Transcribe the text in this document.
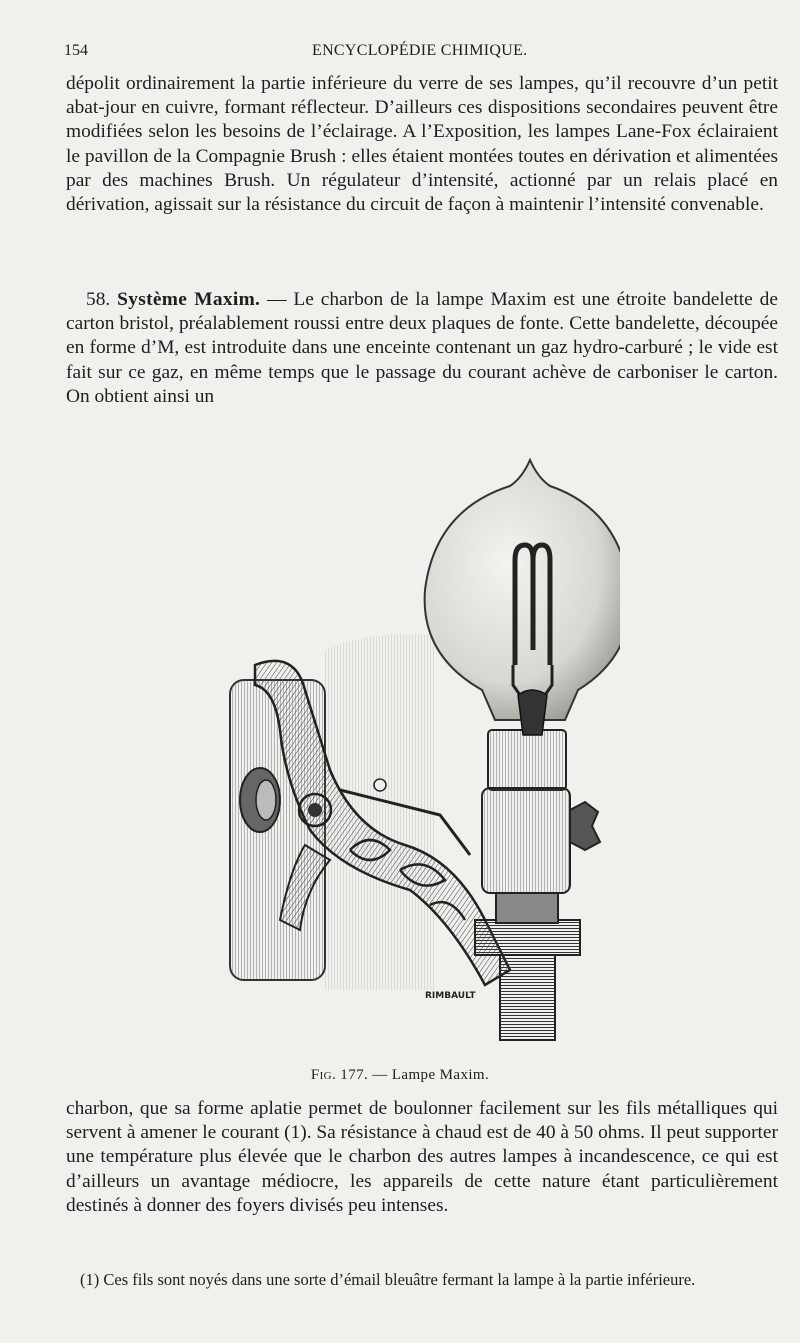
154	ENCYCLOPÉDIE CHIMIQUE.

dépolit ordinairement la partie inférieure du verre de ses lampes, qu’il recouvre d’un petit abat-jour en cuivre, formant réflecteur. D’ailleurs ces dispositions secondaires peuvent être modifiées selon les besoins de l’éclairage. A l’Exposition, les lampes Lane-Fox éclairaient le pavillon de la Compagnie Brush : elles étaient montées toutes en dérivation et alimentées par des machines Brush. Un régulateur d’intensité, actionné par un relais placé en dérivation, agissait sur la résistance du circuit de façon à maintenir l’intensité convenable.

58. Système Maxim. — Le charbon de la lampe Maxim est une étroite bandelette de carton bristol, préalablement roussi entre deux plaques de fonte. Cette bandelette, découpée en forme d’M, est introduite dans une enceinte contenant un gaz hydro-carburé ; le vide est fait sur ce gaz, en même temps que le passage du courant achève de carboniser le carton. On obtient ainsi un
RIMBAULT
Fig. 177. — Lampe Maxim.

charbon, que sa forme aplatie permet de boulonner facilement sur les fils métalliques qui servent à amener le courant (1). Sa résistance à chaud est de 40 à 50 ohms. Il peut supporter une température plus élevée que le charbon des autres lampes à incandescence, ce qui est d’ailleurs un avantage médiocre, les appareils de cette nature étant particulièrement destinés à donner des foyers divisés peu intenses.

(1) Ces fils sont noyés dans une sorte d’émail bleuâtre fermant la lampe à la partie inférieure.
